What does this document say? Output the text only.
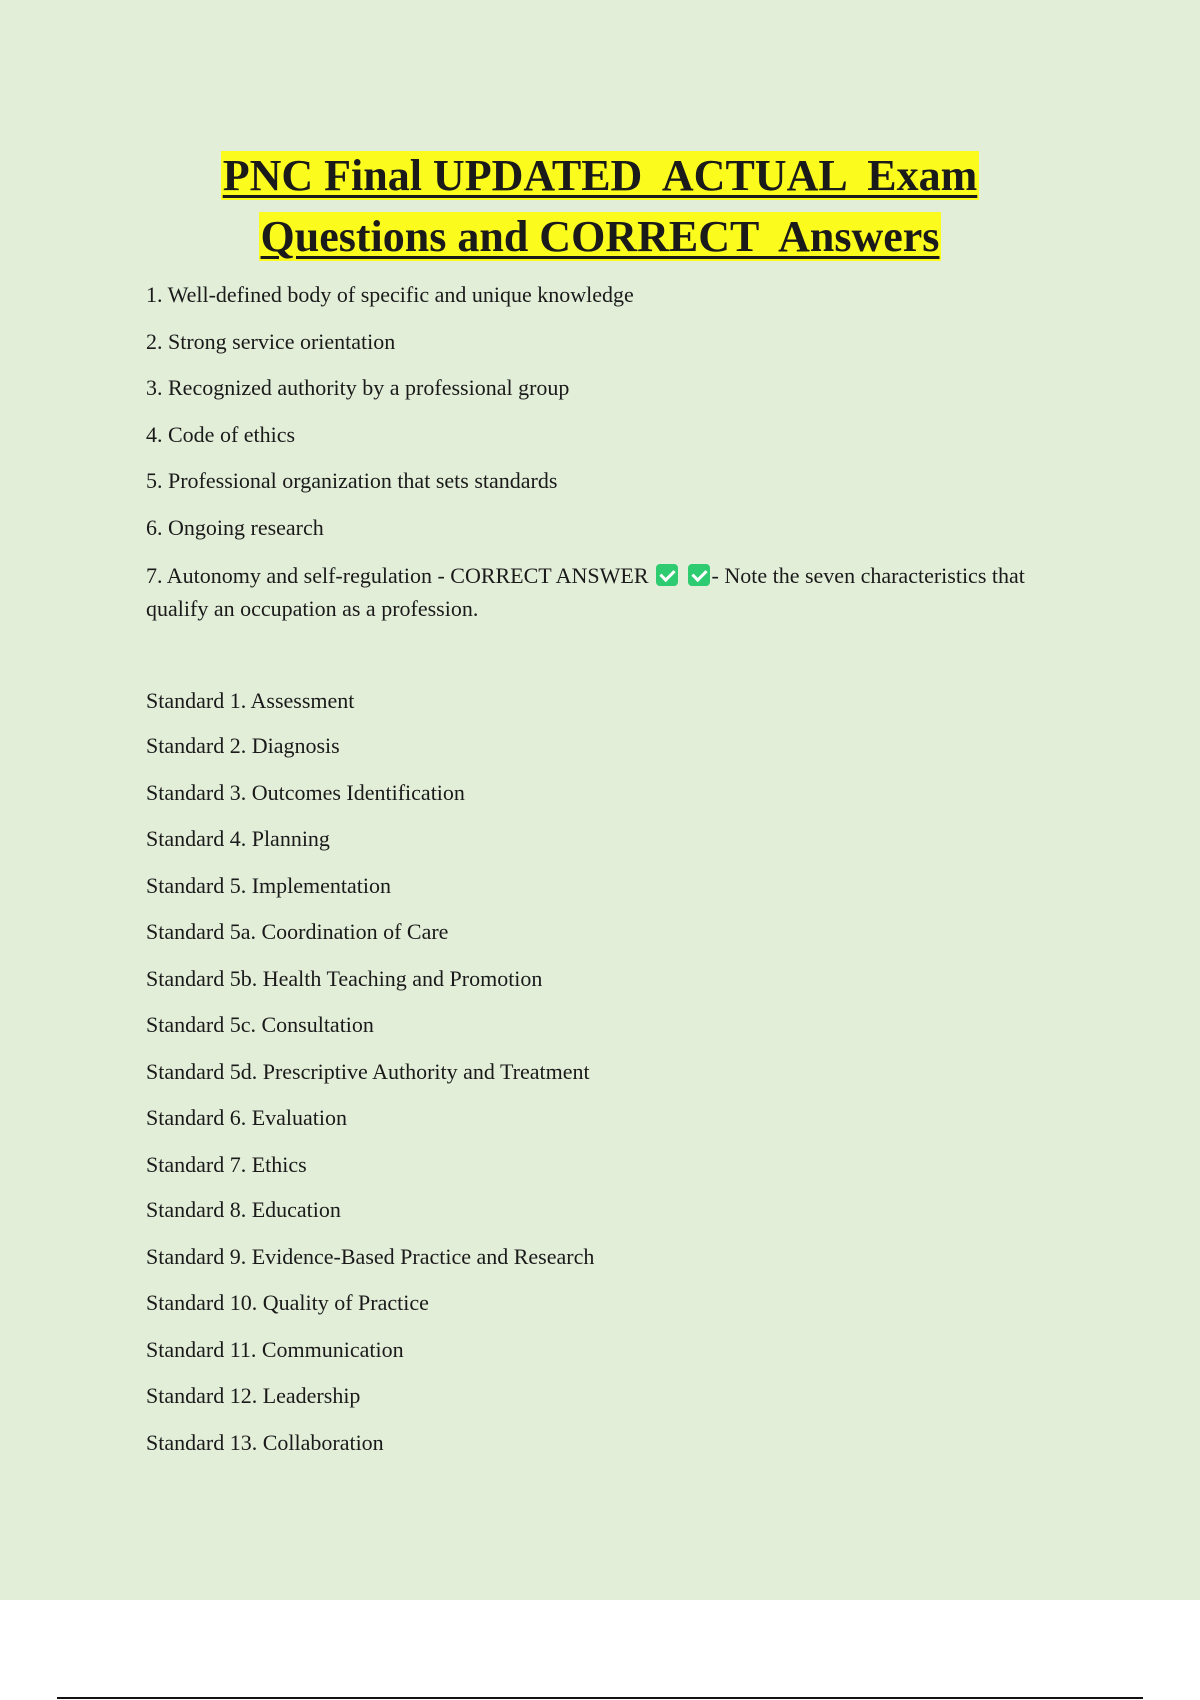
PNC Final UPDATED  ACTUAL  Exam
Questions and CORRECT  Answers
1. Well-defined body of specific and unique knowledge
2. Strong service orientation
3. Recognized authority by a professional group
4. Code of ethics
5. Professional organization that sets standards
6. Ongoing research
7. Autonomy and self-regulation - CORRECT ANSWER	- Note the seven characteristics that qualify an occupation as a profession.
Standard 1. Assessment
Standard 2. Diagnosis
Standard 3. Outcomes Identification
Standard 4. Planning
Standard 5. Implementation
Standard 5a. Coordination of Care
Standard 5b. Health Teaching and Promotion
Standard 5c. Consultation
Standard 5d. Prescriptive Authority and Treatment
Standard 6. Evaluation
Standard 7. Ethics
Standard 8. Education
Standard 9. Evidence-Based Practice and Research
Standard 10. Quality of Practice
Standard 11. Communication
Standard 12. Leadership
Standard 13. Collaboration
